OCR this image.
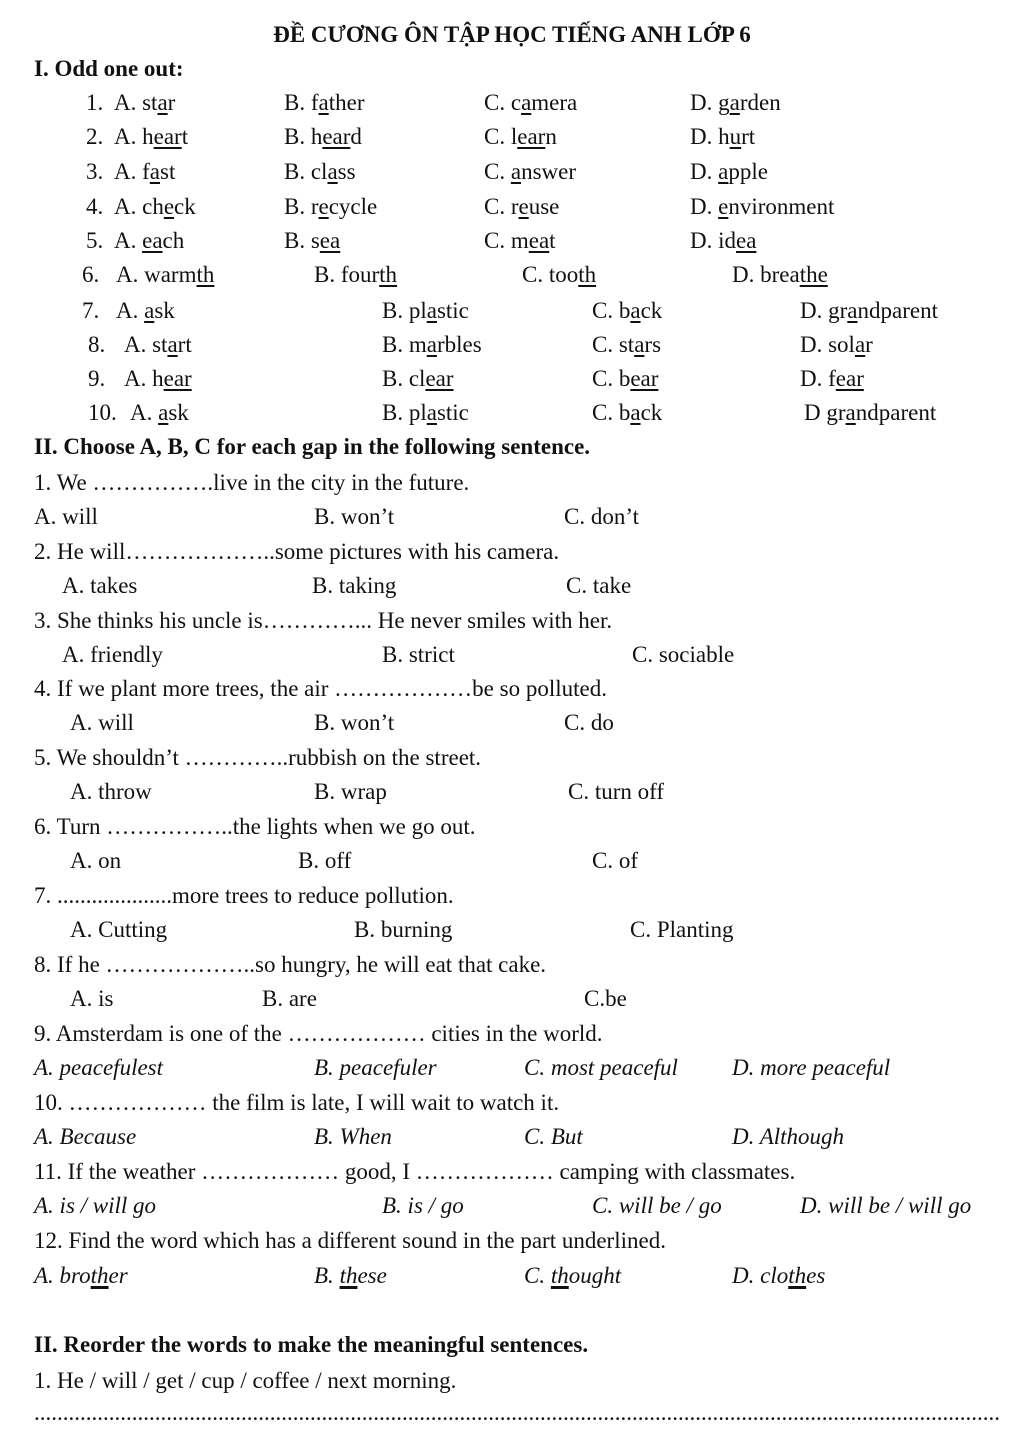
ĐỀ CƯƠNG ÔN TẬP HỌC TIẾNG ANH LỚP 6
I. Odd one out:
1. A. star	B. father	C. camera	D. garden
2. A. heart	B. heard	C. learn	D. hurt
3. A. fast	B. class	C. answer	D. apple
4. A. check	B. recycle	C. reuse	D. environment
5. A. each	B. sea	C. meat	D. idea
6. A. warmth	B. fourth	C. tooth	D. breathe
7. A. ask	B. plastic	C. back	D. grandparent
8. A. start	B. marbles	C. stars	D. solar
9. A. hear	B. clear	C. bear	D. fear
10. A. ask	B. plastic	C. back	D grandparent
II. Choose A, B, C for each gap in the following sentence.
1. We …………….live in the city in the future.
A. will	B. won’t	C. don’t
2. He will………………..some pictures with his camera.
A. takes	B. taking	C. take
3. She thinks his uncle is…………... He never smiles with her.
A. friendly	B. strict	C. sociable
4. If we plant more trees, the air ………………be so polluted.
A. will	B. won’t	C. do
5. We shouldn’t …………..rubbish on the street.
A. throw	B. wrap	C. turn off
6. Turn ……………..the lights when we go out.
A. on	B. off	C. of
7. ....................more trees to reduce pollution.
A. Cutting	B. burning	C. Planting
8. If he ………………..so hungry, he will eat that cake.
A. is	B. are	C.be
9. Amsterdam is one of the ……………… cities in the world.
A. peacefulest	B. peacefuler	C. most peaceful D. more peaceful
10. ……………… the film is late, I will wait to watch it.
A. Because	B. When	C. But	D. Although
11. If the weather ……………… good, I ……………… camping with classmates.
A. is / will go	B. is / go	C. will be / go	D. will be / will go
12. Find the word which has a different sound in the part underlined.
A. brother	B. these	C. thought	D. clothes
II. Reorder the words to make the meaningful sentences.
1. He / will / get / cup / coffee / next morning.
........................................................................................................................................................................
